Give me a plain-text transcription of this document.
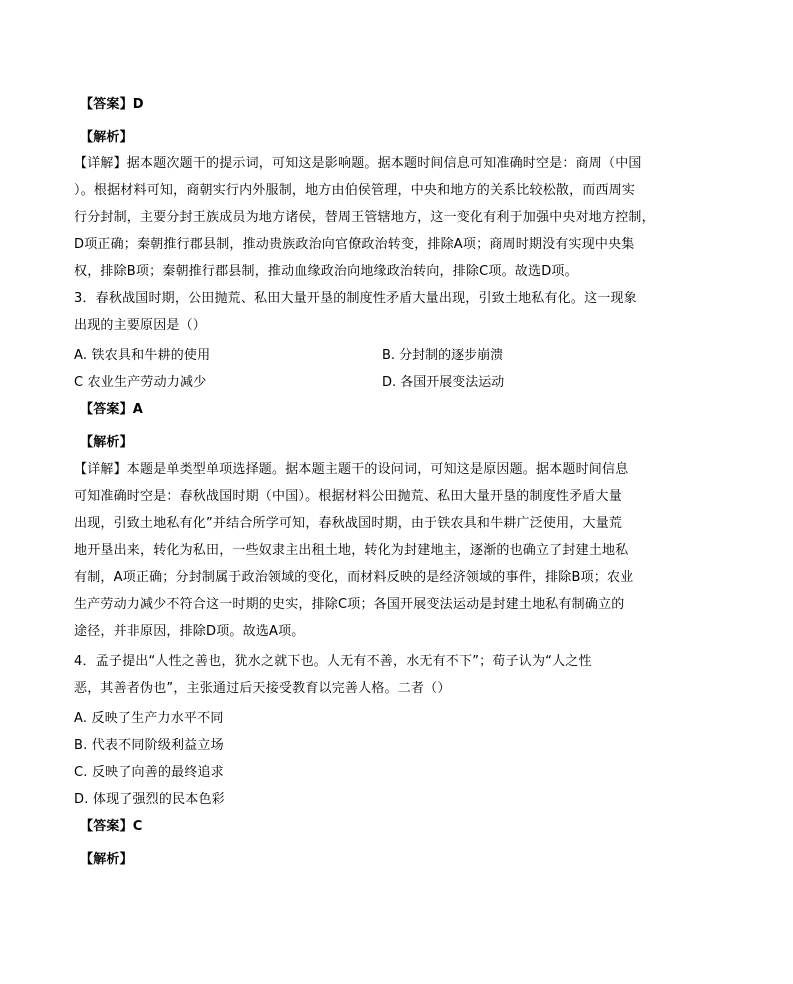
【答案】D
【解析】
【详解】据本题次题干的提示词，可知这是影响题。据本题时间信息可知准确时空是：商周（中国
）。根据材料可知，商朝实行内外服制，地方由伯侯管理，中央和地方的关系比较松散，而西周实
行分封制，主要分封王族成员为地方诸侯，替周王管辖地方，这一变化有利于加强中央对地方控制，
D项正确；秦朝推行郡县制，推动贵族政治向官僚政治转变，排除A项；商周时期没有实现中央集
权，排除B项；秦朝推行郡县制，推动血缘政治向地缘政治转向，排除C项。故选D项。
3．春秋战国时期，公田抛荒、私田大量开垦的制度性矛盾大量出现，引致土地私有化。这一现象
出现的主要原因是（）
A. 铁农具和牛耕的使用	B. 分封制的逐步崩溃
C 农业生产劳动力减少	D. 各国开展变法运动
【答案】A
【解析】
【详解】本题是单类型单项选择题。据本题主题干的设问词，可知这是原因题。据本题时间信息
可知准确时空是：春秋战国时期（中国）。根据材料公田抛荒、私田大量开垦的制度性矛盾大量
出现，引致土地私有化”并结合所学可知，春秋战国时期，由于铁农具和牛耕广泛使用，大量荒
地开垦出来，转化为私田，一些奴隶主出租土地，转化为封建地主，逐渐的也确立了封建土地私
有制，A项正确；分封制属于政治领域的变化，而材料反映的是经济领域的事件，排除B项；农业
生产劳动力减少不符合这一时期的史实，排除C项；各国开展变法运动是封建土地私有制确立的
途径，并非原因，排除D项。故选A项。
4．孟子提出“人性之善也，犹水之就下也。人无有不善，水无有不下”；荀子认为“人之性
恶，其善者伪也”，主张通过后天接受教育以完善人格。二者（）
A. 反映了生产力水平不同
B. 代表不同阶级利益立场
C. 反映了向善的最终追求
D. 体现了强烈的民本色彩
【答案】C
【解析】
